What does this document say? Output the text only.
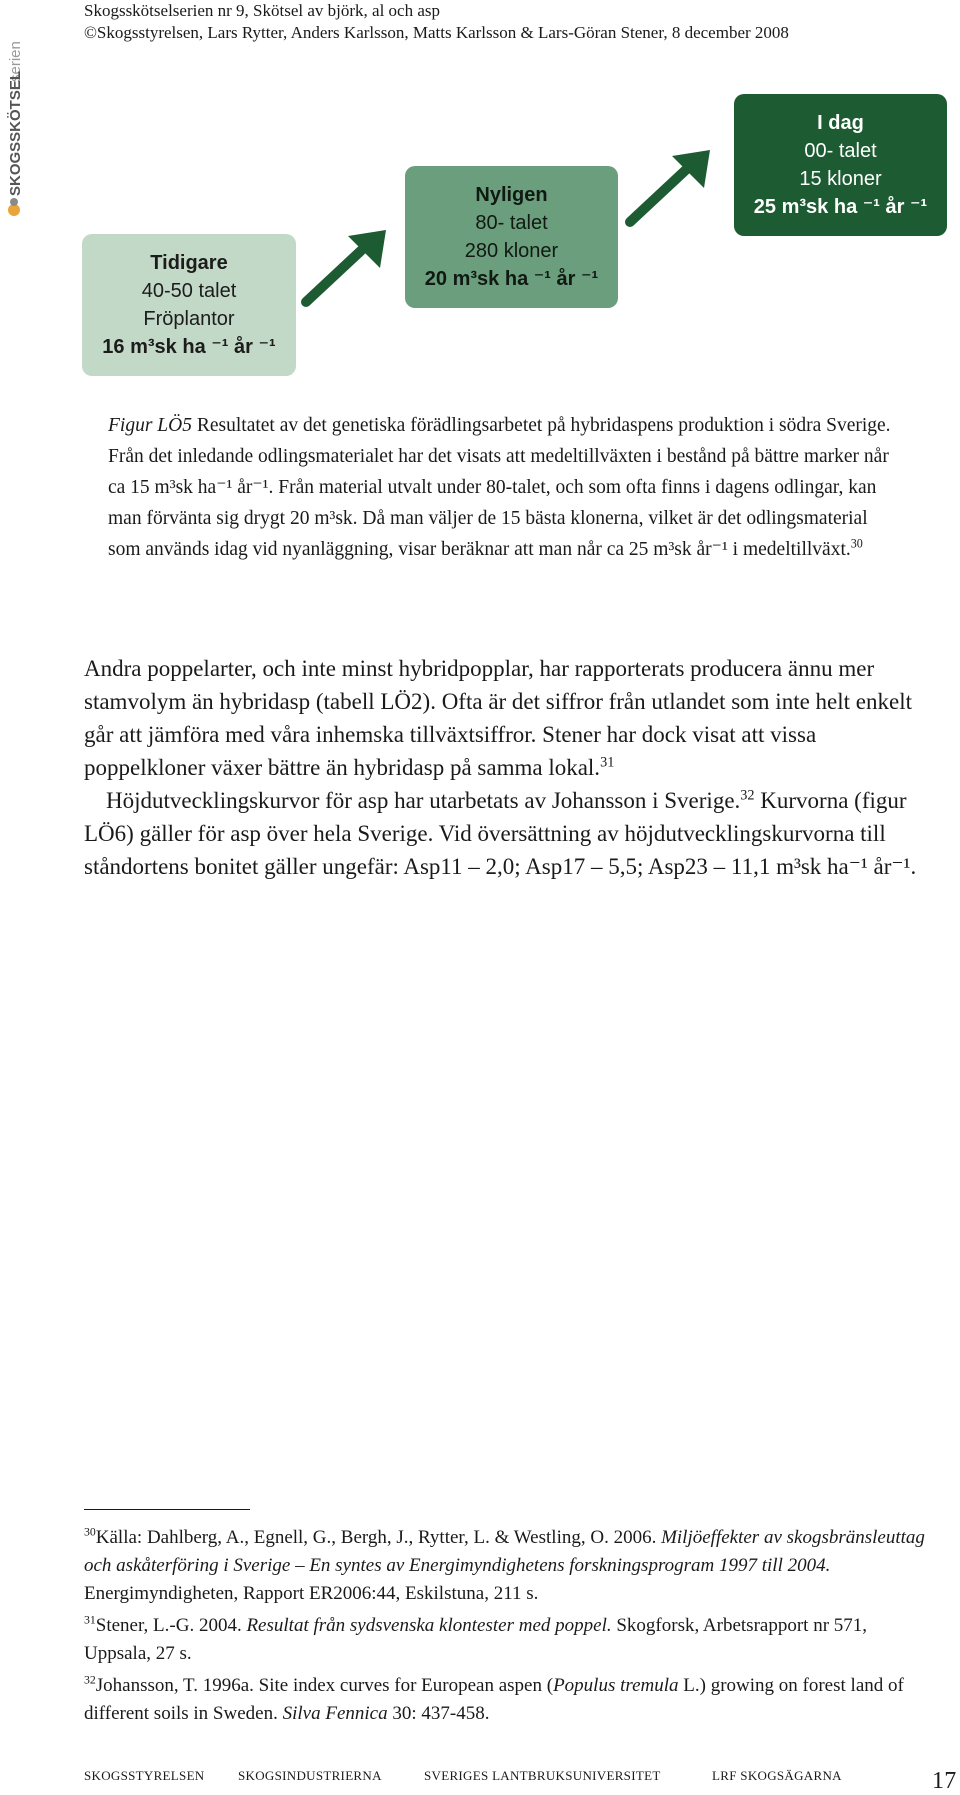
Skogsskötselserien nr 9, Skötsel av björk, al och asp
©Skogsstyrelsen, Lars Rytter, Anders Karlsson, Matts Karlsson & Lars-Göran Stener, 8 december 2008
serien
SKOGSSKÖTSEL
Tidigare
40-50 talet
Fröplantor
16 m³sk ha ⁻¹ år ⁻¹
Nyligen
80- talet
280 kloner
20 m³sk ha ⁻¹ år ⁻¹
I dag
00- talet
15 kloner
25 m³sk ha ⁻¹ år ⁻¹
Figur LÖ5 Resultatet av det genetiska förädlingsarbetet på hybridaspens produktion i södra Sverige. Från det inledande odlingsmaterialet har det visats att medeltillväxten i bestånd på bättre marker når ca 15 m³sk ha⁻¹ år⁻¹. Från material utvalt under 80-talet, och som ofta finns i dagens odlingar, kan man förvänta sig drygt 20 m³sk. Då man väljer de 15 bästa klonerna, vilket är det odlingsmaterial som används idag vid nyanläggning, visar beräknar att man når ca 25 m³sk år⁻¹ i medeltillväxt.$^{30}$

Andra poppelarter, och inte minst hybridpopplar, har rapporterats producera ännu mer stamvolym än hybridasp (tabell LÖ2). Ofta är det siffror från utlandet som inte helt enkelt går att jämföra med våra inhemska tillväxtsiffror. Stener har dock visat att vissa poppelkloner växer bättre än hybridasp på samma lokal.$^{31}$

Höjdutvecklingskurvor för asp har utarbetats av Johansson i Sverige.$^{32}$ Kurvorna (figur LÖ6) gäller för asp över hela Sverige. Vid översättning av höjdutvecklingskurvorna till ståndortens bonitet gäller ungefär: Asp11 – 2,0; Asp17 – 5,5; Asp23 – 11,1 m³sk ha⁻¹ år⁻¹.

$^{30}$Källa: Dahlberg, A., Egnell, G., Bergh, J., Rytter, L. & Westling, O. 2006. Miljöeffekter av skogsbränsleuttag och askåterföring i Sverige – En syntes av Energimyndighetens forskningsprogram 1997 till 2004. Energimyndigheten, Rapport ER2006:44, Eskilstuna, 211 s.

$^{31}$Stener, L.-G. 2004. Resultat från sydsvenska klontester med poppel. Skogforsk, Arbetsrapport nr 571, Uppsala, 27 s.

$^{32}$Johansson, T. 1996a. Site index curves for European aspen (Populus tremula L.) growing on forest land of different soils in Sweden. Silva Fennica 30: 437-458.

SKOGSSTYRELSEN	SKOGSINDUSTRIERNA	SVERIGES LANTBRUKSUNIVERSITET	LRF SKOGSÄGARNA	17
